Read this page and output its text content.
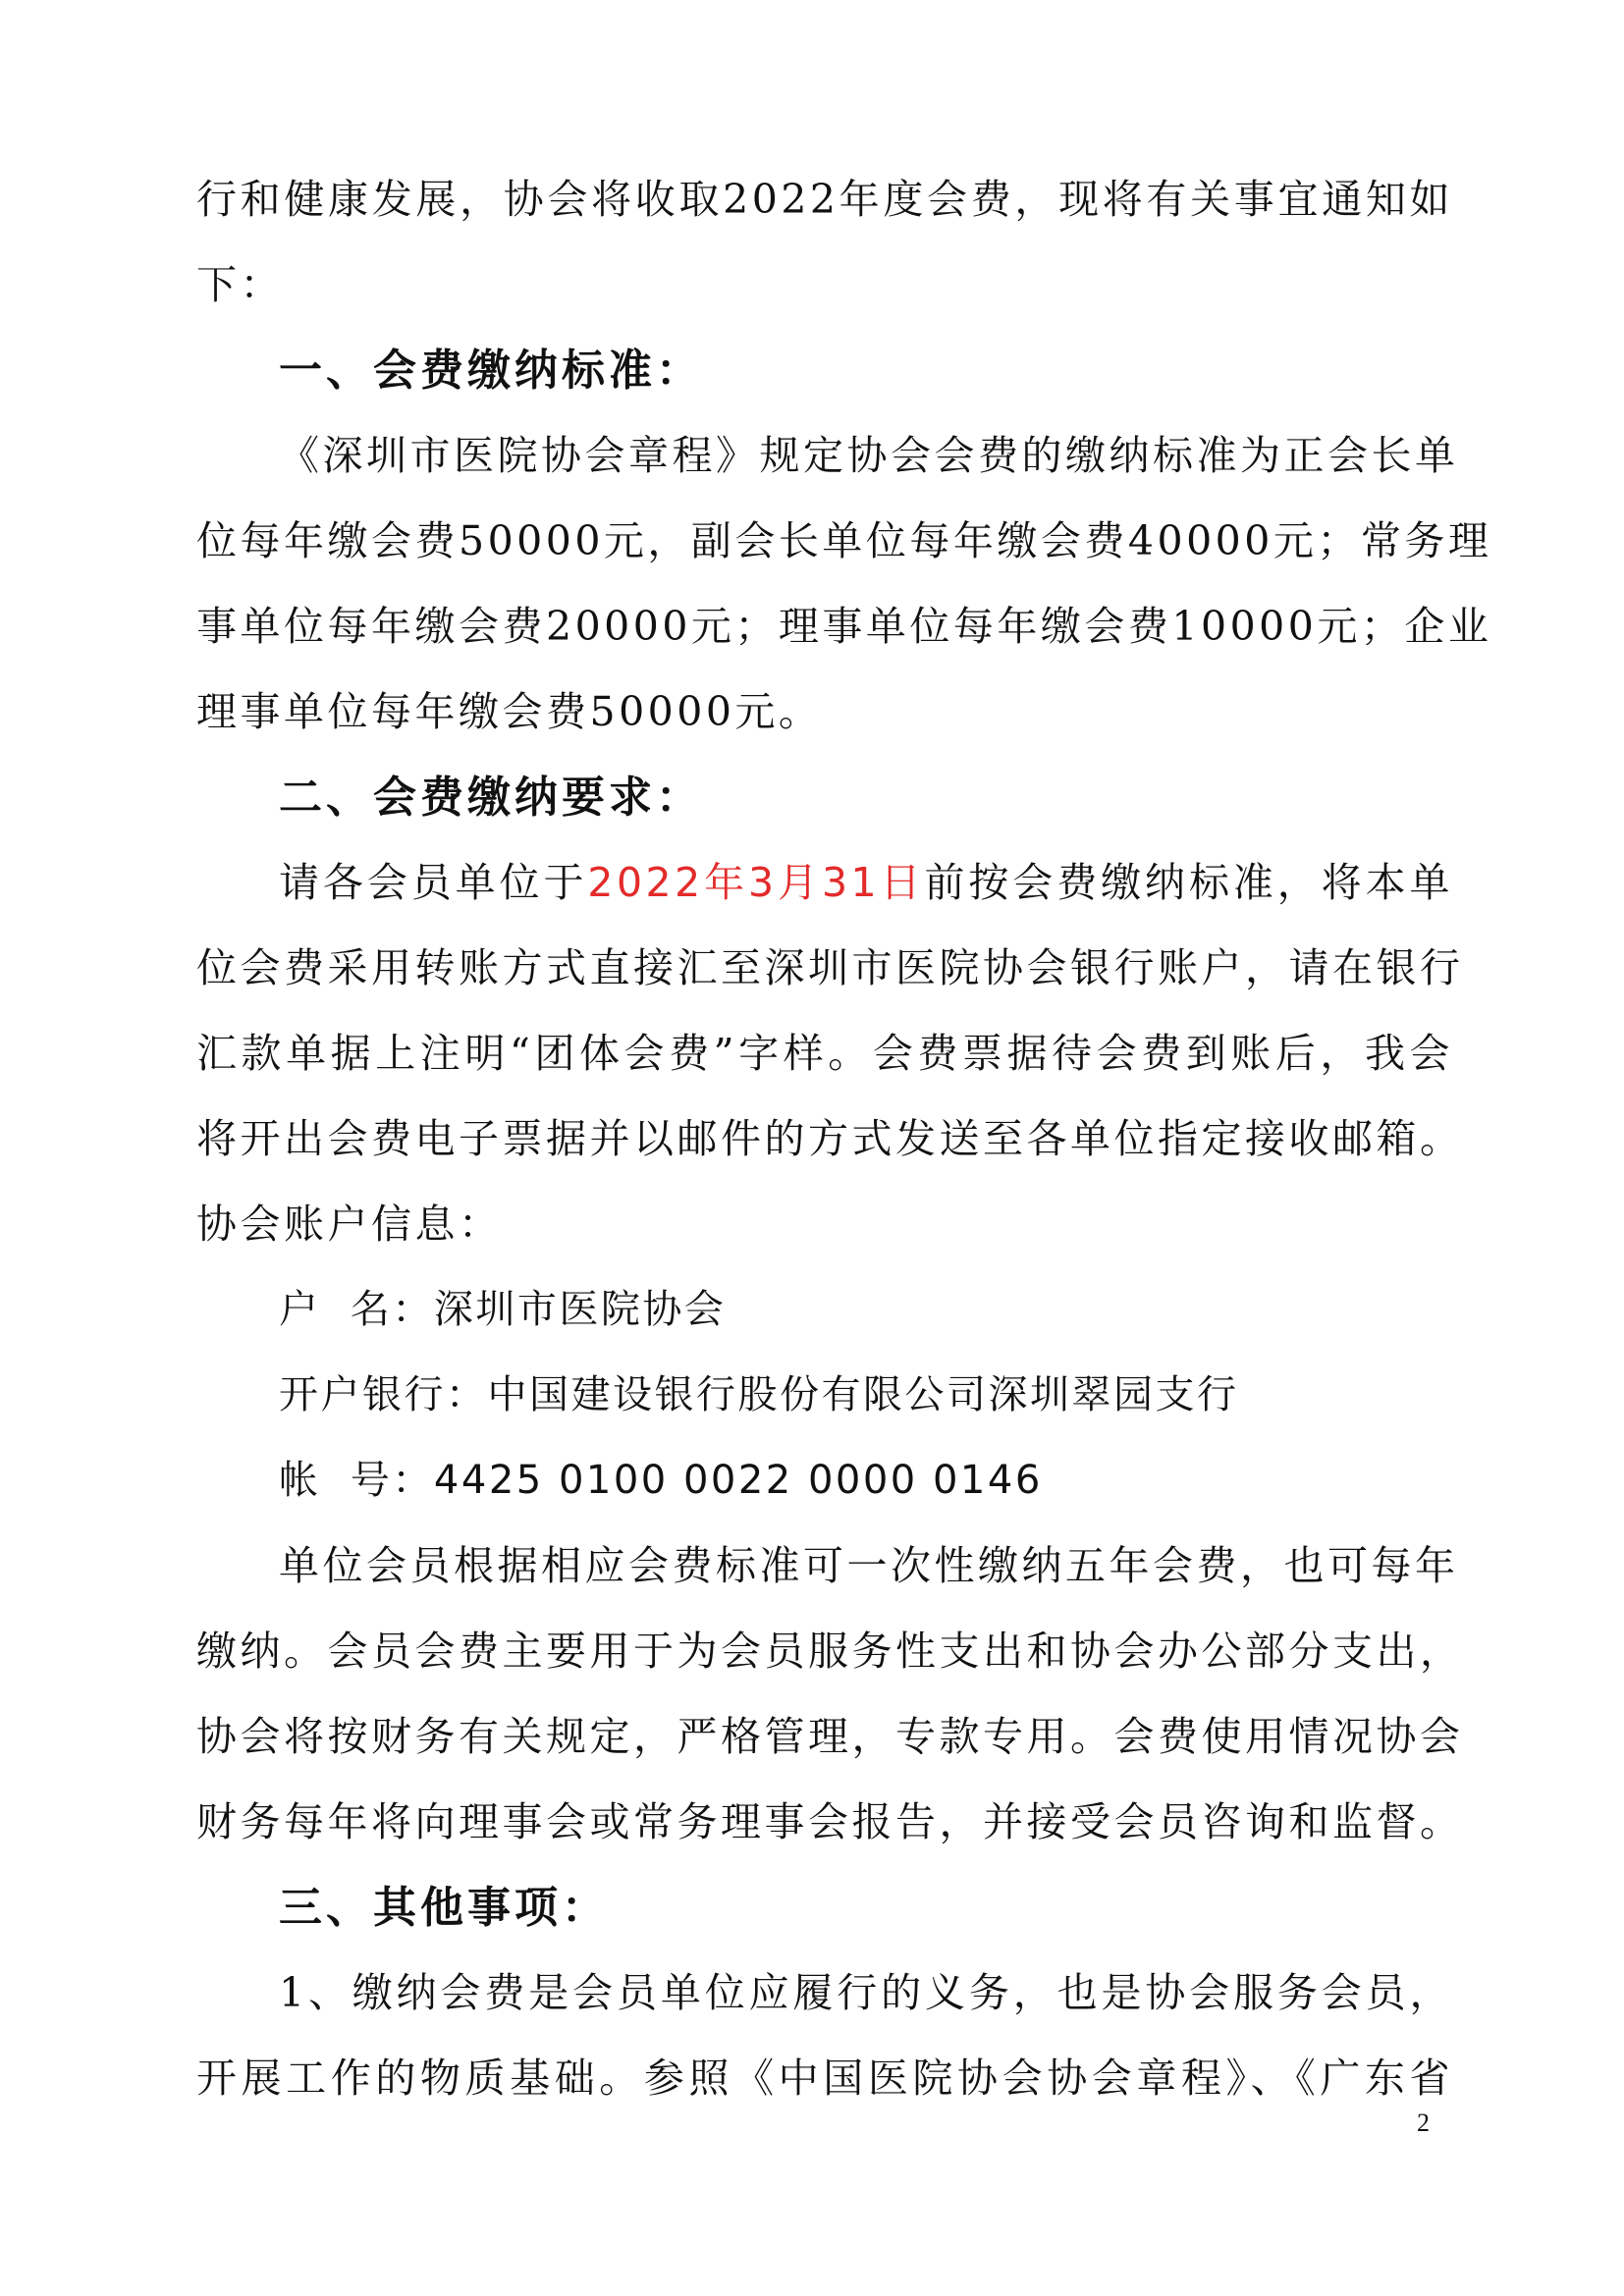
行和健康发展，协会将收取2022年度会费，现将有关事宜通知如
下：
一、会费缴纳标准：
《深圳市医院协会章程》规定协会会费的缴纳标准为正会长单
位每年缴会费50000元，副会长单位每年缴会费40000元；常务理
事单位每年缴会费20000元；理事单位每年缴会费10000元；企业
理事单位每年缴会费50000元。
二、会费缴纳要求：
请各会员单位于2022年3月31日前按会费缴纳标准，将本单
位会费采用转账方式直接汇至深圳市医院协会银行账户，请在银行
汇款单据上注明“团体会费”字样。会费票据待会费到账后，我会
将开出会费电子票据并以邮件的方式发送至各单位指定接收邮箱。
协会账户信息：
户  名：深圳市医院协会
开户银行：中国建设银行股份有限公司深圳翠园支行
帐  号：4425 0100 0022 0000 0146
单位会员根据相应会费标准可一次性缴纳五年会费，也可每年
缴纳。会员会费主要用于为会员服务性支出和协会办公部分支出，
协会将按财务有关规定，严格管理，专款专用。会费使用情况协会
财务每年将向理事会或常务理事会报告，并接受会员咨询和监督。
三、其他事项：
1、缴纳会费是会员单位应履行的义务，也是协会服务会员，
开展工作的物质基础。参照《中国医院协会协会章程》、《广东省
2
